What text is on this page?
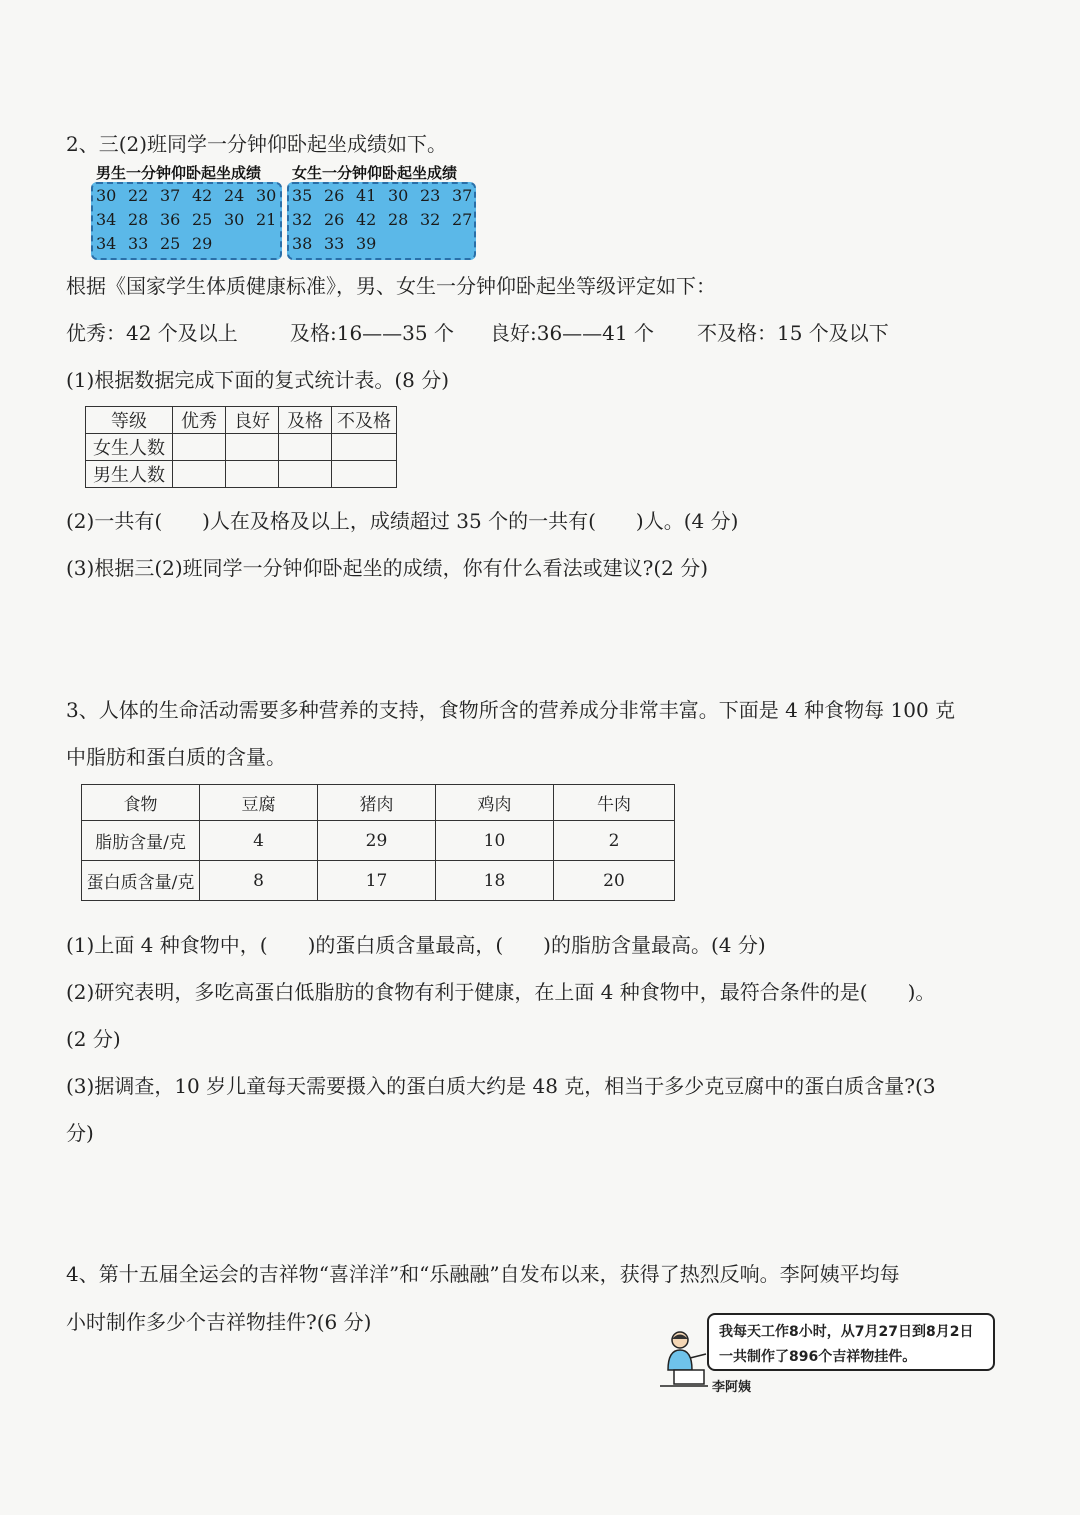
2、三(2)班同学一分钟仰卧起坐成绩如下。
男生一分钟仰卧起坐成绩 女生一分钟仰卧起坐成绩
30 22 37 42 24 30
34 28 36 25 30 21
34 33 25 29
35 26 41 30 23 37
32 26 42 28 32 27
38 33 39
根据《国家学生体质健康标准》，男、女生一分钟仰卧起坐等级评定如下：
优秀：42 个及以上	及格:16——35 个 良好:36——41 个 不及格：15 个及以下
(1)根据数据完成下面的复式统计表。(8 分)
等级	优秀	良好	及格	不及格
女生人数				
男生人数				
(2)一共有(　　)人在及格及以上，成绩超过 35 个的一共有(　　)人。(4 分)
(3)根据三(2)班同学一分钟仰卧起坐的成绩，你有什么看法或建议?(2 分)
3、人体的生命活动需要多种营养的支持，食物所含的营养成分非常丰富。下面是 4 种食物每 100 克
中脂肪和蛋白质的含量。
食物	豆腐	猪肉	鸡肉	牛肉
脂肪含量/克	4	29	10	2
蛋白质含量/克	8	17	18	20
(1)上面 4 种食物中，(　　)的蛋白质含量最高，(　　)的脂肪含量最高。(4 分)
(2)研究表明，多吃高蛋白低脂肪的食物有利于健康，在上面 4 种食物中，最符合条件的是(　　)。
(2 分)
(3)据调查，10 岁儿童每天需要摄入的蛋白质大约是 48 克，相当于多少克豆腐中的蛋白质含量?(3
分)
4、第十五届全运会的吉祥物“喜洋洋”和“乐融融”自发布以来，获得了热烈反响。李阿姨平均每
小时制作多少个吉祥物挂件?(6 分)
李阿姨
我每天工作8小时，从7月27日到8月2日
一共制作了896个吉祥物挂件。
